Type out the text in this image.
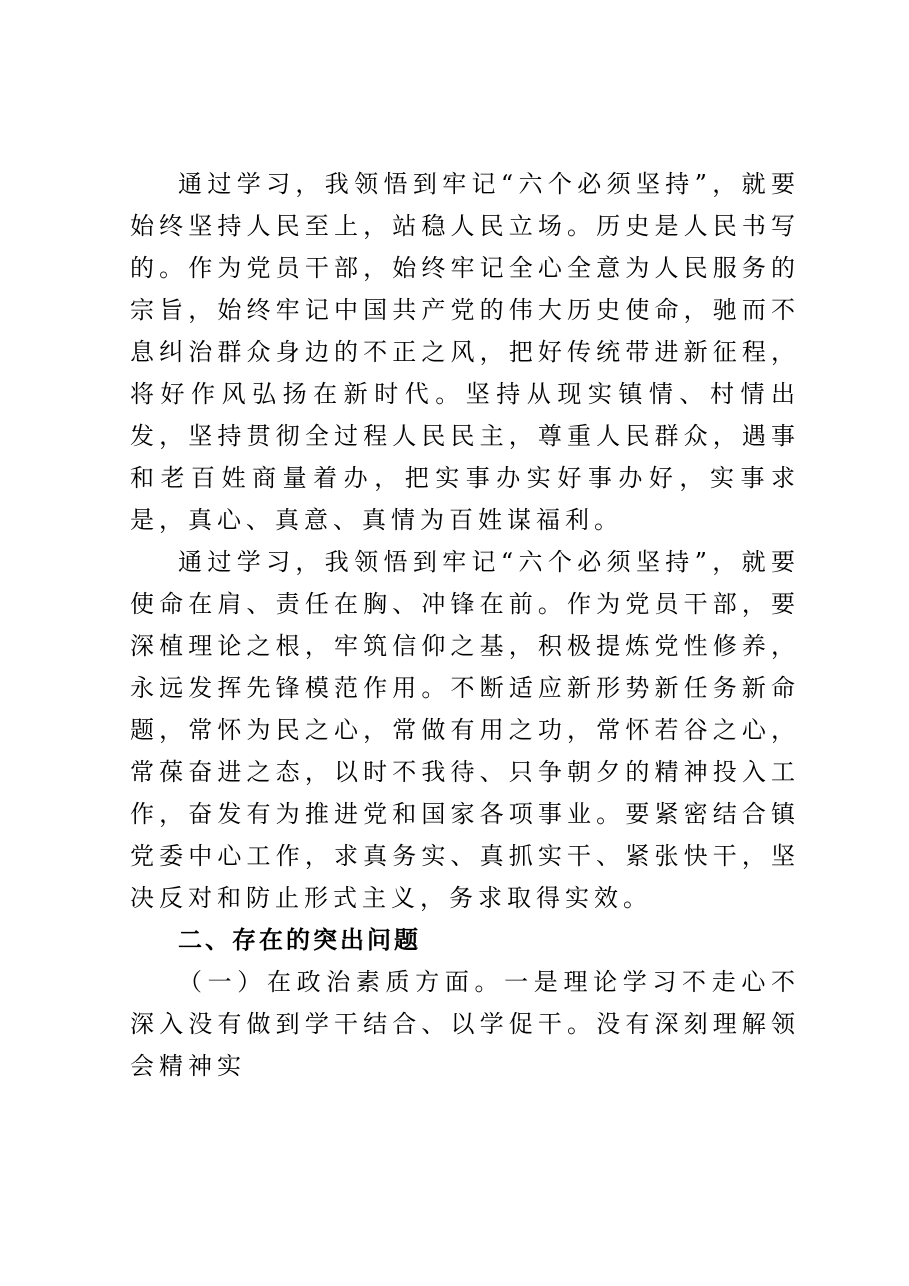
通过学习，我领悟到牢记“六个必须坚持”，就要始终坚持人民至上，站稳人民立场。历史是人民书写的。作为党员干部，始终牢记全心全意为人民服务的宗旨，始终牢记中国共产党的伟大历史使命，驰而不息纠治群众身边的不正之风，把好传统带进新征程，将好作风弘扬在新时代。坚持从现实镇情、村情出发，坚持贯彻全过程人民民主，尊重人民群众，遇事和老百姓商量着办，把实事办实好事办好，实事求是，真心、真意、真情为百姓谋福利。

通过学习，我领悟到牢记“六个必须坚持”，就要使命在肩、责任在胸、冲锋在前。作为党员干部，要深植理论之根，牢筑信仰之基，积极提炼党性修养，永远发挥先锋模范作用。不断适应新形势新任务新命题，常怀为民之心，常做有用之功，常怀若谷之心，常葆奋进之态，以时不我待、只争朝夕的精神投入工作，奋发有为推进党和国家各项事业。要紧密结合镇党委中心工作，求真务实、真抓实干、紧张快干，坚决反对和防止形式主义，务求取得实效。

二、存在的突出问题

（一）在政治素质方面。一是理论学习不走心不深入没有做到学干结合、以学促干。没有深刻理解领会精神实
